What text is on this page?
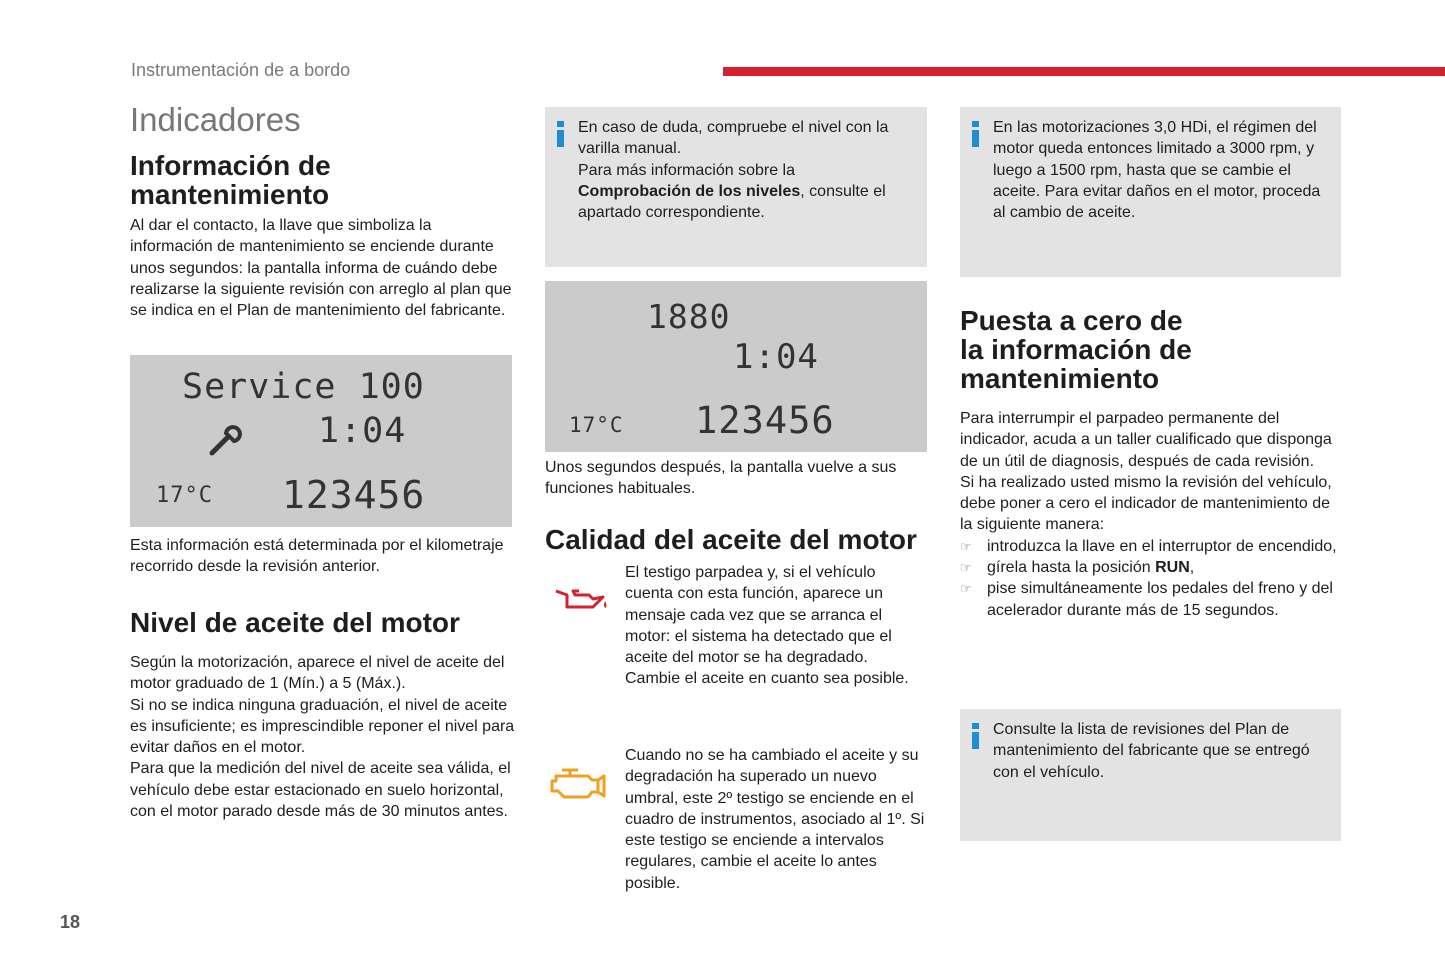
Instrumentación de a bordo
18
Indicadores
Información de
mantenimiento
Al dar el contacto, la llave que simboliza la información de mantenimiento se enciende durante unos segundos: la pantalla informa de cuándo debe realizarse la siguiente revisión con arreglo al plan que se indica en el Plan de mantenimiento del fabricante.
Service 100
1:04
17°C 123456
Esta información está determinada por el kilometraje recorrido desde la revisión anterior.
Nivel de aceite del motor
Según la motorización, aparece el nivel de aceite del motor graduado de 1 (Mín.) a 5 (Máx.).
Si no se indica ninguna graduación, el nivel de aceite es insuficiente; es imprescindible reponer el nivel para evitar daños en el motor.
Para que la medición del nivel de aceite sea válida, el vehículo debe estar estacionado en suelo horizontal, con el motor parado desde más de 30 minutos antes.
En caso de duda, compruebe el nivel con la varilla manual.
Para más información sobre la Comprobación de los niveles, consulte el apartado correspondiente.
1880
1:04
17°C 123456
Unos segundos después, la pantalla vuelve a sus funciones habituales.
Calidad del aceite del motor
El testigo parpadea y, si el vehículo cuenta con esta función, aparece un mensaje cada vez que se arranca el motor: el sistema ha detectado que el aceite del motor se ha degradado. Cambie el aceite en cuanto sea posible.
Cuando no se ha cambiado el aceite y su degradación ha superado un nuevo umbral, este 2º testigo se enciende en el cuadro de instrumentos, asociado al 1º. Si este testigo se enciende a intervalos regulares, cambie el aceite lo antes posible.
En las motorizaciones 3,0 HDi, el régimen del motor queda entonces limitado a 3000 rpm, y luego a 1500 rpm, hasta que se cambie el aceite. Para evitar daños en el motor, proceda al cambio de aceite.
Puesta a cero de
la información de
mantenimiento
Para interrumpir el parpadeo permanente del indicador, acuda a un taller cualificado que disponga de un útil de diagnosis, después de cada revisión.
Si ha realizado usted mismo la revisión del vehículo, debe poner a cero el indicador de mantenimiento de la siguiente manera:
☞ introduzca la llave en el interruptor de encendido,
☞ gírela hasta la posición RUN,
☞ pise simultáneamente los pedales del freno y del acelerador durante más de 15 segundos.
Consulte la lista de revisiones del Plan de mantenimiento del fabricante que se entregó con el vehículo.
